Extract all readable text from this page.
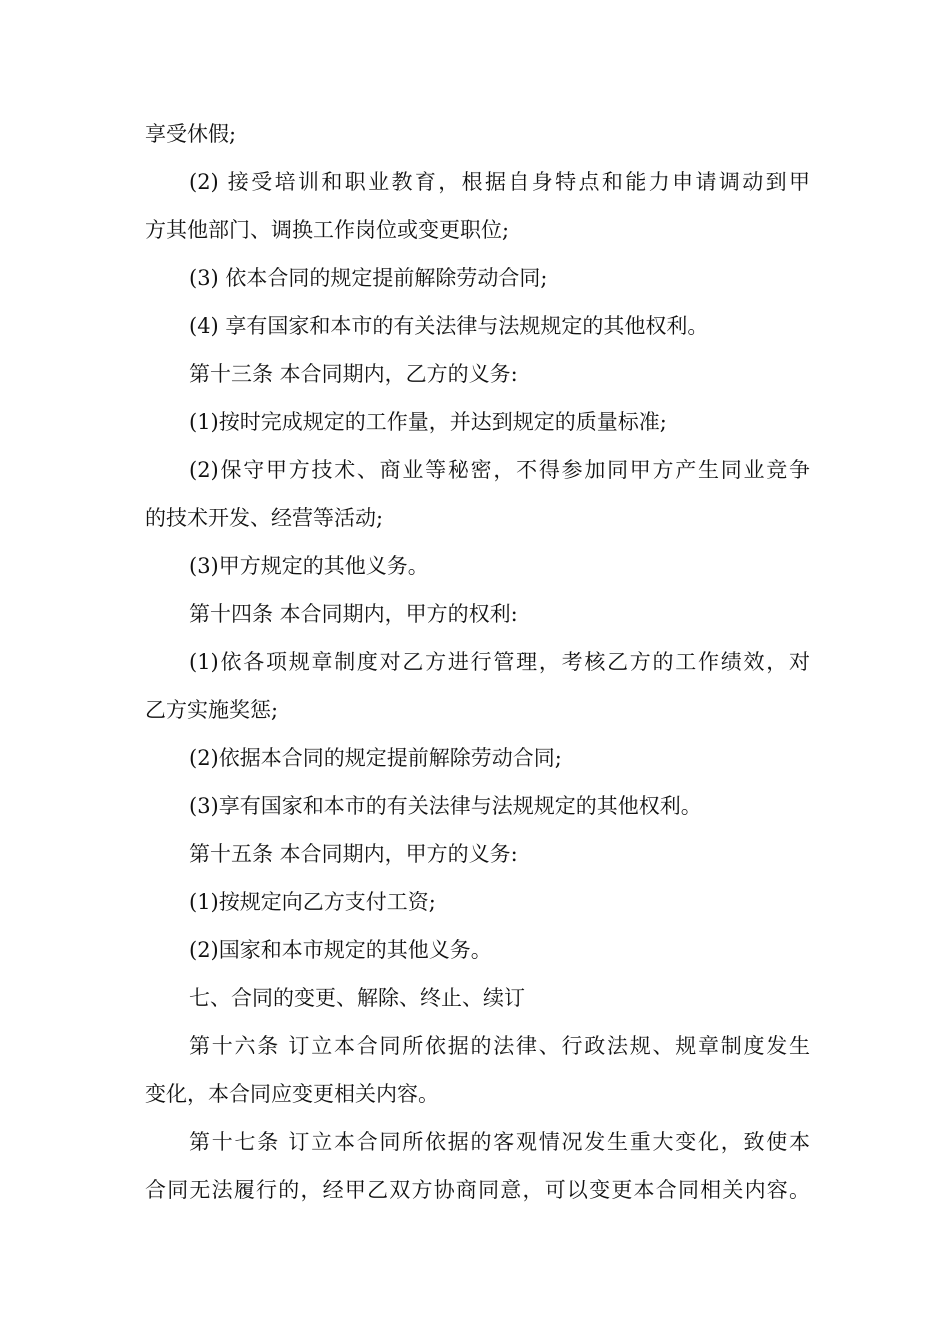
享受休假;
(2) 接受培训和职业教育，根据自身特点和能力申请调动到甲
方其他部门、调换工作岗位或变更职位;
(3) 依本合同的规定提前解除劳动合同;
(4) 享有国家和本市的有关法律与法规规定的其他权利。
第十三条 本合同期内，乙方的义务:
(1)按时完成规定的工作量，并达到规定的质量标准;
(2)保守甲方技术、商业等秘密，不得参加同甲方产生同业竞争
的技术开发、经营等活动;
(3)甲方规定的其他义务。
第十四条 本合同期内，甲方的权利:
(1)依各项规章制度对乙方进行管理，考核乙方的工作绩效，对
乙方实施奖惩;
(2)依据本合同的规定提前解除劳动合同;
(3)享有国家和本市的有关法律与法规规定的其他权利。
第十五条 本合同期内，甲方的义务:
(1)按规定向乙方支付工资;
(2)国家和本市规定的其他义务。
七、合同的变更、解除、终止、续订
第十六条 订立本合同所依据的法律、行政法规、规章制度发生
变化，本合同应变更相关内容。
第十七条 订立本合同所依据的客观情况发生重大变化，致使本
合同无法履行的，经甲乙双方协商同意，可以变更本合同相关内容。
